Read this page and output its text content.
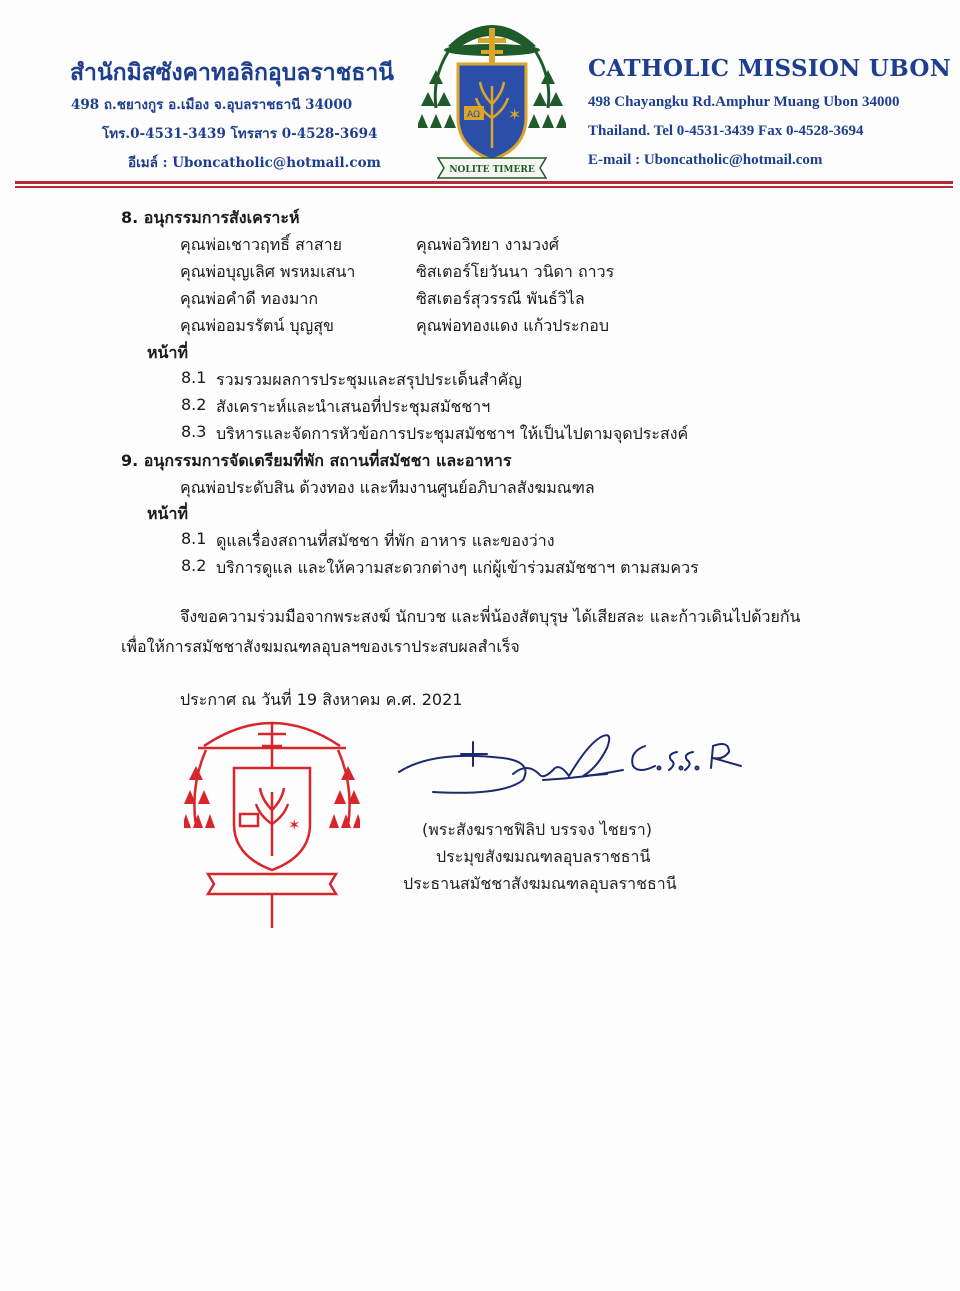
สำนักมิสซังคาทอลิกอุบลราชธานี
498 ถ.ชยางกูร อ.เมือง จ.อุบลราชธานี 34000
โทร.0-4531-3439 โทรสาร 0-4528-3694
อีเมล์ : Uboncatholic@hotmail.com
AΩ ✶
NOLITE TIMERE
CATHOLIC MISSION UBON
498 Chayangku Rd.Amphur Muang Ubon 34000
Thailand. Tel 0-4531-3439 Fax 0-4528-3694
E-mail : Uboncatholic@hotmail.com
8. อนุกรรมการสังเคราะห์
คุณพ่อเชาวฤทธิ์ สาสาย
คุณพ่อบุญเลิศ พรหมเสนา
คุณพ่อคำดี ทองมาก
คุณพ่ออมรรัตน์ บุญสุข
คุณพ่อวิทยา งามวงศ์
ซิสเตอร์โยวันนา วนิดา ถาวร
ซิสเตอร์สุวรรณี พันธ์วิไล
คุณพ่อทองแดง แก้วประกอบ
หน้าที่
8.1 รวมรวมผลการประชุมและสรุปประเด็นสำคัญ
8.2 สังเคราะห์และนำเสนอที่ประชุมสมัชชาฯ
8.3 บริหารและจัดการหัวข้อการประชุมสมัชชาฯ ให้เป็นไปตามจุดประสงค์
9. อนุกรรมการจัดเตรียมที่พัก สถานที่สมัชชา และอาหาร
คุณพ่อประดับสิน ด้วงทอง และทีมงานศูนย์อภิบาลสังฆมณฑล
หน้าที่
8.1 ดูแลเรื่องสถานที่สมัชชา ที่พัก อาหาร และของว่าง
8.2 บริการดูแล และให้ความสะดวกต่างๆ แก่ผู้เข้าร่วมสมัชชาฯ ตามสมควร
จึงขอความร่วมมือจากพระสงฆ์ นักบวช และพี่น้องสัตบุรุษ ได้เสียสละ และก้าวเดินไปด้วยกัน
เพื่อให้การสมัชชาสังฆมณฑลอุบลฯของเราประสบผลสำเร็จ
ประกาศ ณ วันที่ 19 สิงหาคม ค.ศ. 2021
✶	(พระสังฆราชฟิลิป บรรจง ไชยรา)
ประมุขสังฆมณฑลอุบลราชธานี
ประธานสมัชชาสังฆมณฑลอุบลราชธานี
